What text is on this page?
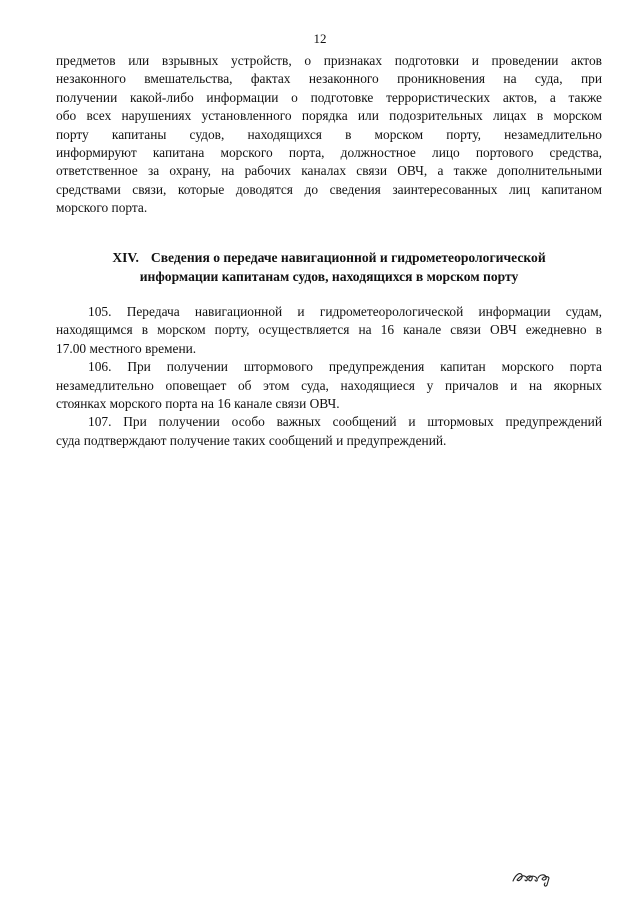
12
предметов или взрывных устройств, о признаках подготовки и проведении актов
незаконного вмешательства, фактах незаконного проникновения на суда, при
получении какой-либо информации о подготовке террористических актов, а также
обо всех нарушениях установленного порядка или подозрительных лицах в морском
порту капитаны судов, находящихся в морском порту, незамедлительно
информируют капитана морского порта, должностное лицо портового средства,
ответственное за охрану, на рабочих каналах связи ОВЧ, а также дополнительными
средствами связи, которые доводятся до сведения заинтересованных лиц капитаном
морского порта.
XIV. Сведения о передаче навигационной и гидрометеорологической
информации капитанам судов, находящихся в морском порту
105. Передача навигационной и гидрометеорологической информации судам,
находящимся в морском порту, осуществляется на 16 канале связи ОВЧ ежедневно в
17.00 местного времени.
106. При получении штормового предупреждения капитан морского порта
незамедлительно оповещает об этом суда, находящиеся у причалов и на якорных
стоянках морского порта на 16 канале связи ОВЧ.
107. При получении особо важных сообщений и штормовых предупреждений
суда подтверждают получение таких сообщений и предупреждений.
